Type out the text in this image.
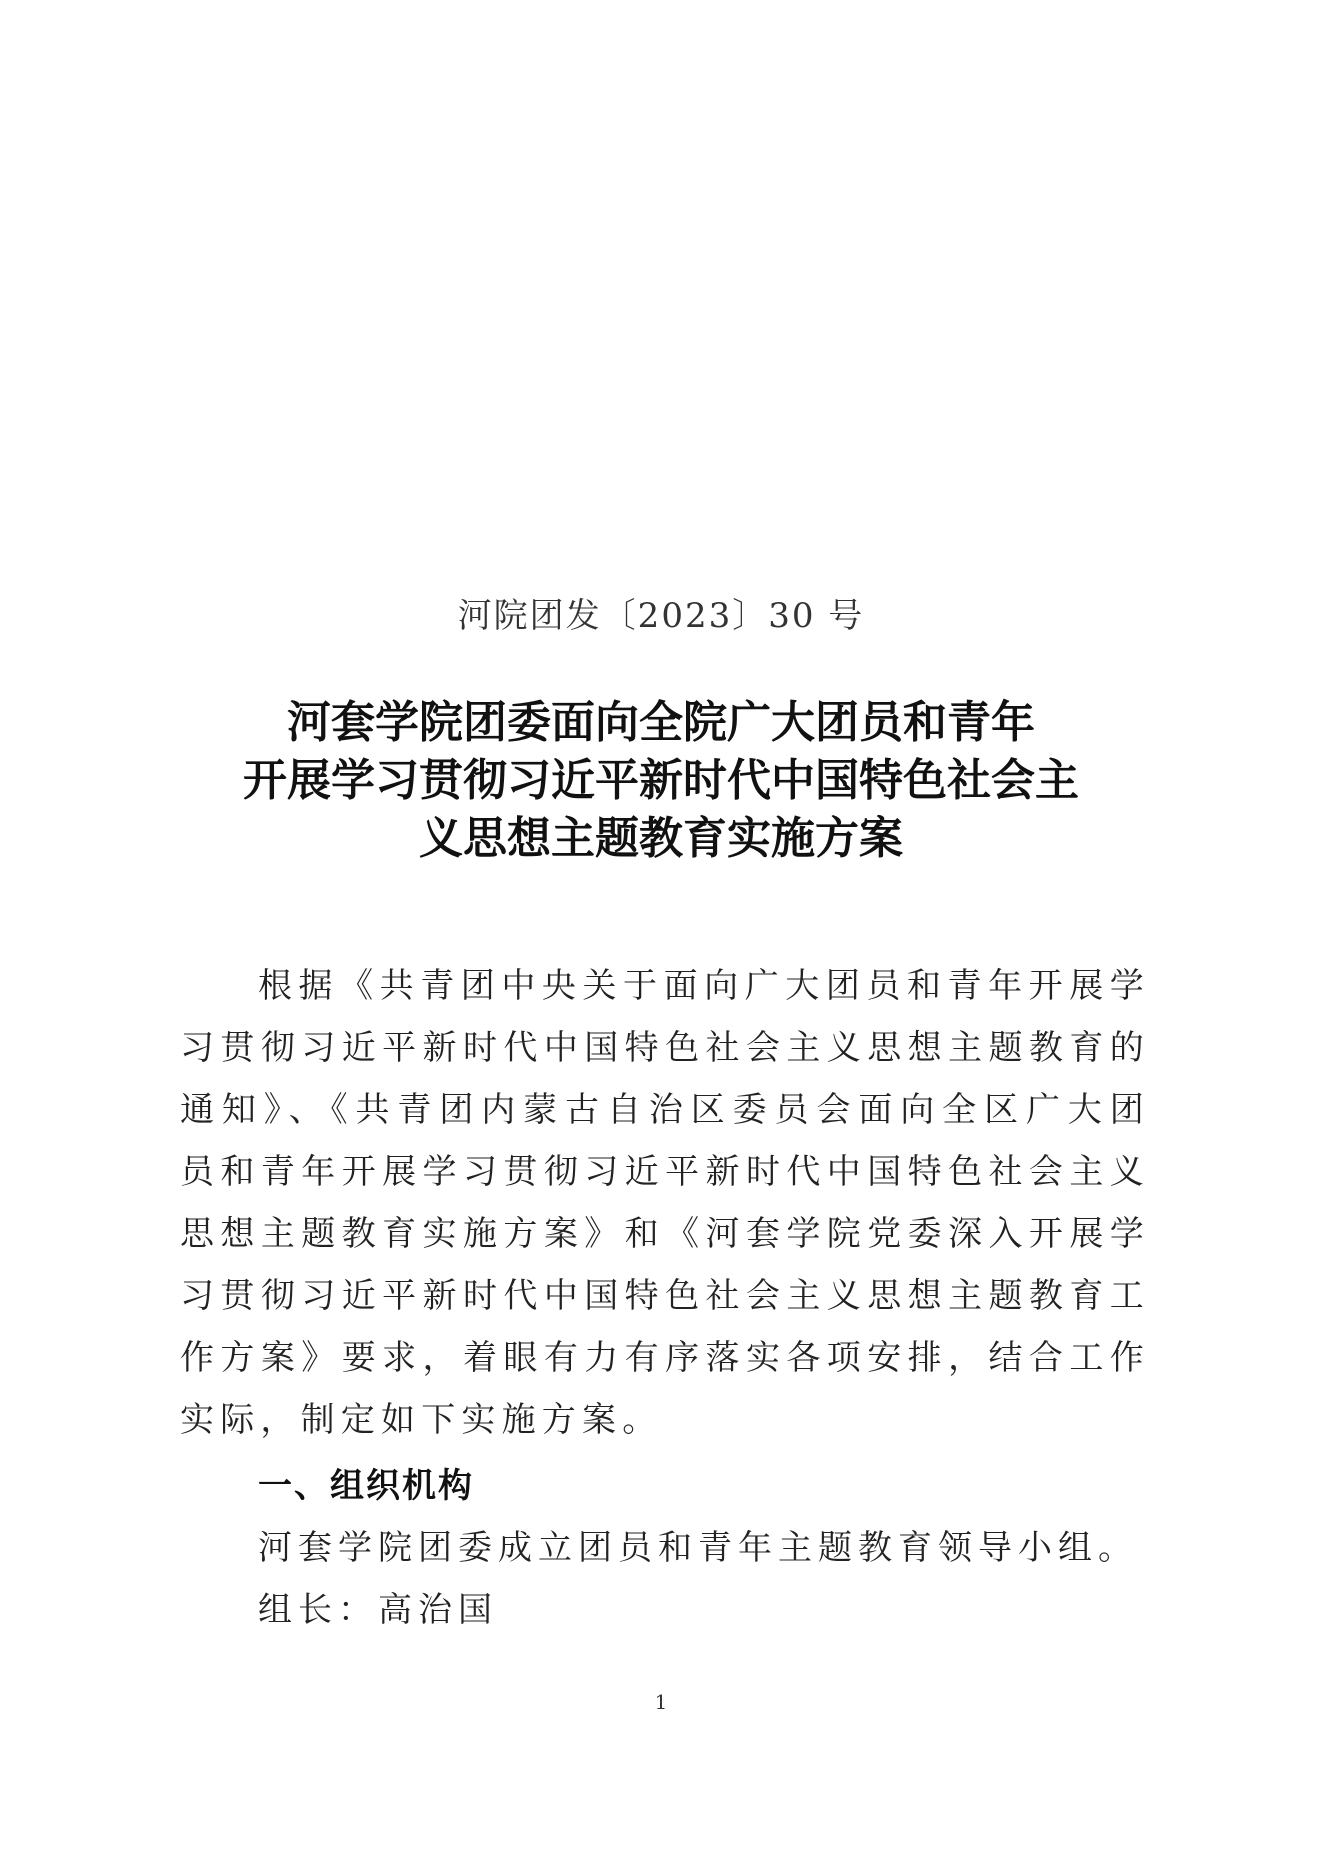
河院团发〔2023〕30 号
河套学院团委面向全院广大团员和青年
开展学习贯彻习近平新时代中国特色社会主
义思想主题教育实施方案

根据《共青团中央关于面向广大团员和青年开展学习贯彻习近平新时代中国特色社会主义思想主题教育的通知》、《共青团内蒙古自治区委员会面向全区广大团员和青年开展学习贯彻习近平新时代中国特色社会主义思想主题教育实施方案》和《河套学院党委深入开展学习贯彻习近平新时代中国特色社会主义思想主题教育工作方案》要求，着眼有力有序落实各项安排，结合工作实际，制定如下实施方案。

一、组织机构
河套学院团委成立团员和青年主题教育领导小组。
组长：高治国
1
